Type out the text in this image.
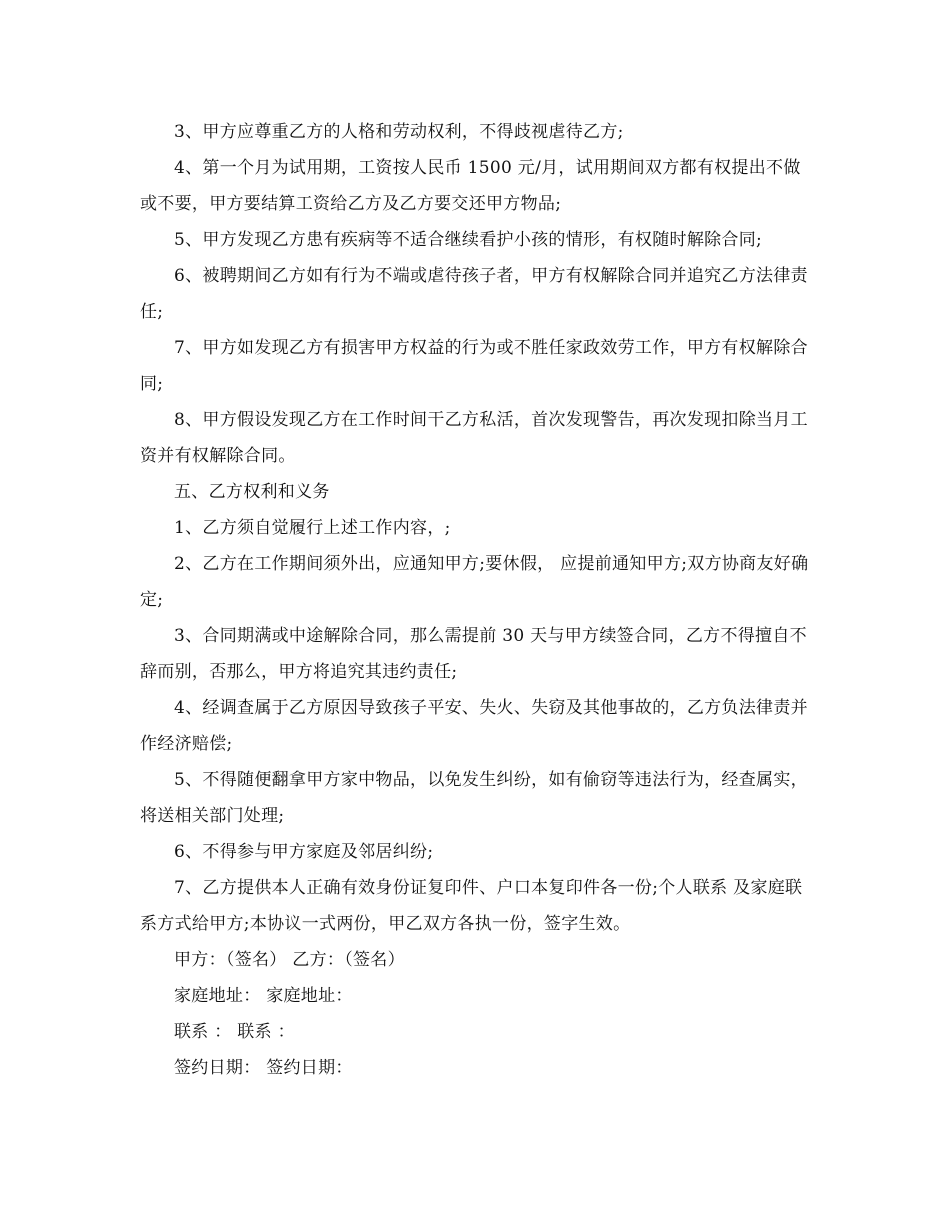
3、甲方应尊重乙方的人格和劳动权利，不得歧视虐待乙方;

4、第一个月为试用期，工资按人民币 1500 元/月，试用期间双方都有权提出不做或不要，甲方要结算工资给乙方及乙方要交还甲方物品;

5、甲方发现乙方患有疾病等不适合继续看护小孩的情形，有权随时解除合同;

6、被聘期间乙方如有行为不端或虐待孩子者，甲方有权解除合同并追究乙方法律责任;

7、甲方如发现乙方有损害甲方权益的行为或不胜任家政效劳工作，甲方有权解除合同;

8、甲方假设发现乙方在工作时间干乙方私活，首次发现警告，再次发现扣除当月工资并有权解除合同。

五、乙方权利和义务

1、乙方须自觉履行上述工作内容，;

2、乙方在工作期间须外出，应通知甲方;要休假， 应提前通知甲方;双方协商友好确定;

3、合同期满或中途解除合同，那么需提前 30 天与甲方续签合同，乙方不得擅自不辞而别，否那么，甲方将追究其违约责任;

4、经调查属于乙方原因导致孩子平安、失火、失窃及其他事故的，乙方负法律责并作经济赔偿;

5、不得随便翻拿甲方家中物品，以免发生纠纷，如有偷窃等违法行为，经查属实，将送相关部门处理;

6、不得参与甲方家庭及邻居纠纷;

7、乙方提供本人正确有效身份证复印件、户口本复印件各一份;个人联系 及家庭联系方式给甲方;本协议一式两份，甲乙双方各执一份，签字生效。

甲方：（签名） 乙方：（签名）

家庭地址： 家庭地址：

联系 ： 联系 ：

签约日期： 签约日期：
